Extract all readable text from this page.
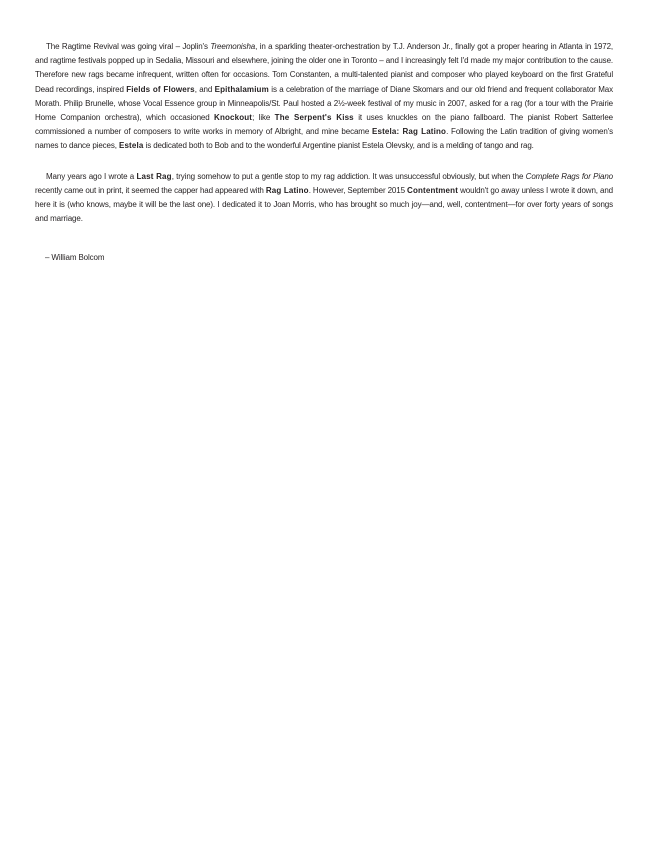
The Ragtime Revival was going viral – Joplin's Treemonisha, in a sparkling theater-orchestration by T.J. Anderson Jr., finally got a proper hearing in Atlanta in 1972, and ragtime festivals popped up in Sedalia, Missouri and elsewhere, joining the older one in Toronto – and I increasingly felt I'd made my major contribution to the cause. Therefore new rags became infrequent, written often for occasions. Tom Constanten, a multi-talented pianist and composer who played keyboard on the first Grateful Dead recordings, inspired Fields of Flowers, and Epithalamium is a celebration of the marriage of Diane Skomars and our old friend and frequent collaborator Max Morath. Philip Brunelle, whose Vocal Essence group in Minneapolis/St. Paul hosted a 2½-week festival of my music in 2007, asked for a rag (for a tour with the Prairie Home Companion orchestra), which occasioned Knockout; like The Serpent's Kiss it uses knuckles on the piano fallboard. The pianist Robert Satterlee commissioned a number of composers to write works in memory of Albright, and mine became Estela: Rag Latino. Following the Latin tradition of giving women's names to dance pieces, Estela is dedicated both to Bob and to the wonderful Argentine pianist Estela Olevsky, and is a melding of tango and rag.

Many years ago I wrote a Last Rag, trying somehow to put a gentle stop to my rag addiction. It was unsuccessful obviously, but when the Complete Rags for Piano recently came out in print, it seemed the capper had appeared with Rag Latino. However, September 2015 Contentment wouldn't go away unless I wrote it down, and here it is (who knows, maybe it will be the last one). I dedicated it to Joan Morris, who has brought so much joy—and, well, contentment—for over forty years of songs and marriage.

– William Bolcom
